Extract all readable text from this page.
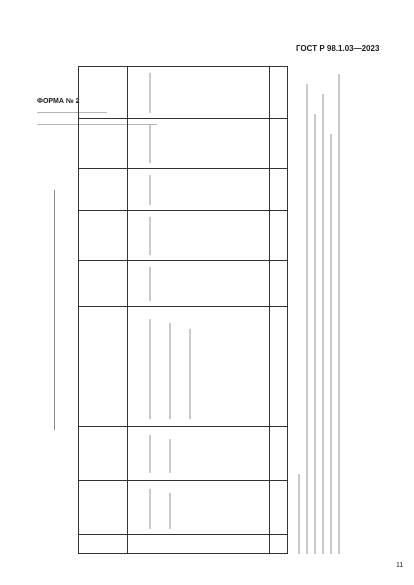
ГОСТ Р 98.1.03—2023
ФОРМА № 2
11
